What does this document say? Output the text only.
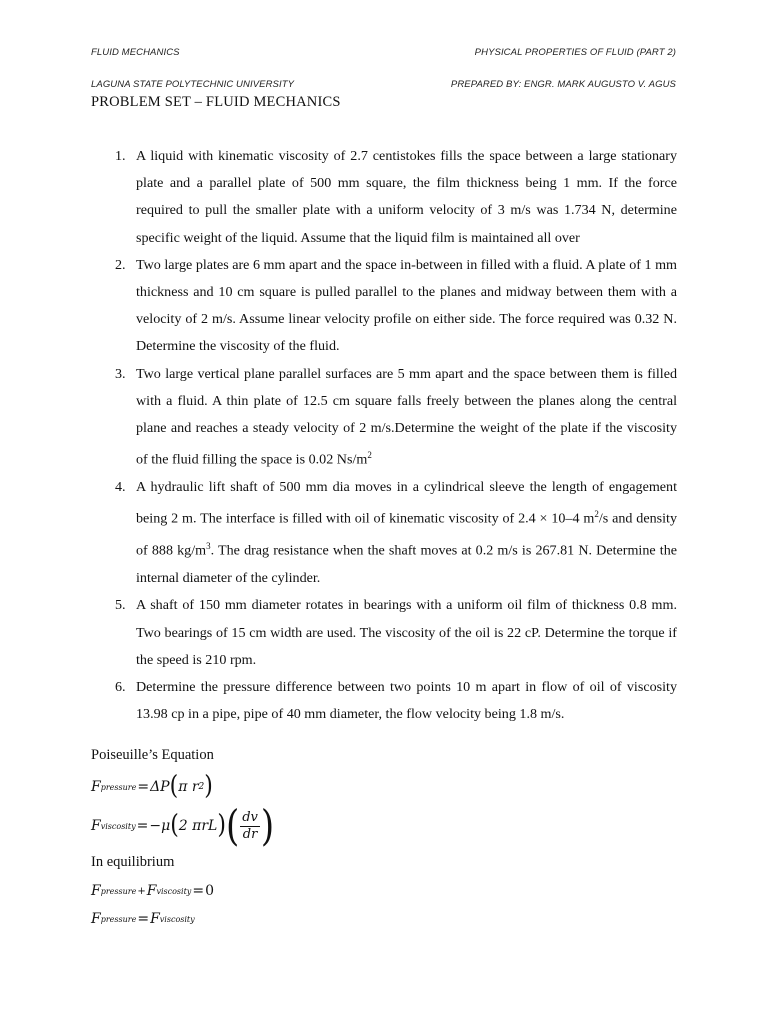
FLUID MECHANICS	PHYSICAL PROPERTIES OF FLUID (PART 2)
LAGUNA STATE POLYTECHNIC UNIVERSITY	PREPARED BY: ENGR. MARK AUGUSTO V. AGUS
PROBLEM SET – FLUID MECHANICS
1. A liquid with kinematic viscosity of 2.7 centistokes fills the space between a large stationary plate and a parallel plate of 500 mm square, the film thickness being 1 mm. If the force required to pull the smaller plate with a uniform velocity of 3 m/s was 1.734 N, determine specific weight of the liquid. Assume that the liquid film is maintained all over
2. Two large plates are 6 mm apart and the space in-between in filled with a fluid. A plate of 1 mm thickness and 10 cm square is pulled parallel to the planes and midway between them with a velocity of 2 m/s. Assume linear velocity profile on either side. The force required was 0.32 N. Determine the viscosity of the fluid.
3. Two large vertical plane parallel surfaces are 5 mm apart and the space between them is filled with a fluid. A thin plate of 12.5 cm square falls freely between the planes along the central plane and reaches a steady velocity of 2 m/s.Determine the weight of the plate if the viscosity of the fluid filling the space is 0.02 $Ns/m^2$
4. A hydraulic lift shaft of 500 mm dia moves in a cylindrical sleeve the length of engagement being 2 m. The interface is filled with oil of kinematic viscosity of 2.4 × 10–4 $m^2/s$ and density of 888 $kg/m^3$. The drag resistance when the shaft moves at 0.2 m/s is 267.81 N. Determine the internal diameter of the cylinder.
5. A shaft of 150 mm diameter rotates in bearings with a uniform oil film of thickness 0.8 mm. Two bearings of 15 cm width are used. The viscosity of the oil is 22 cP. Determine the torque if the speed is 210 rpm.
6. Determine the pressure difference between two points 10 m apart in flow of oil of viscosity 13.98 cp in a pipe, pipe of 40 mm diameter, the flow velocity being 1.8 m/s.
Poiseuille’s Equation
F pressure = ΔP ( π r 2 )
F viscosity = −μ ( 2 πrL ) ( $\frac{dv}{dr}$ )
In equilibrium
F pressure + F viscosity = 0
F pressure = F viscosity
